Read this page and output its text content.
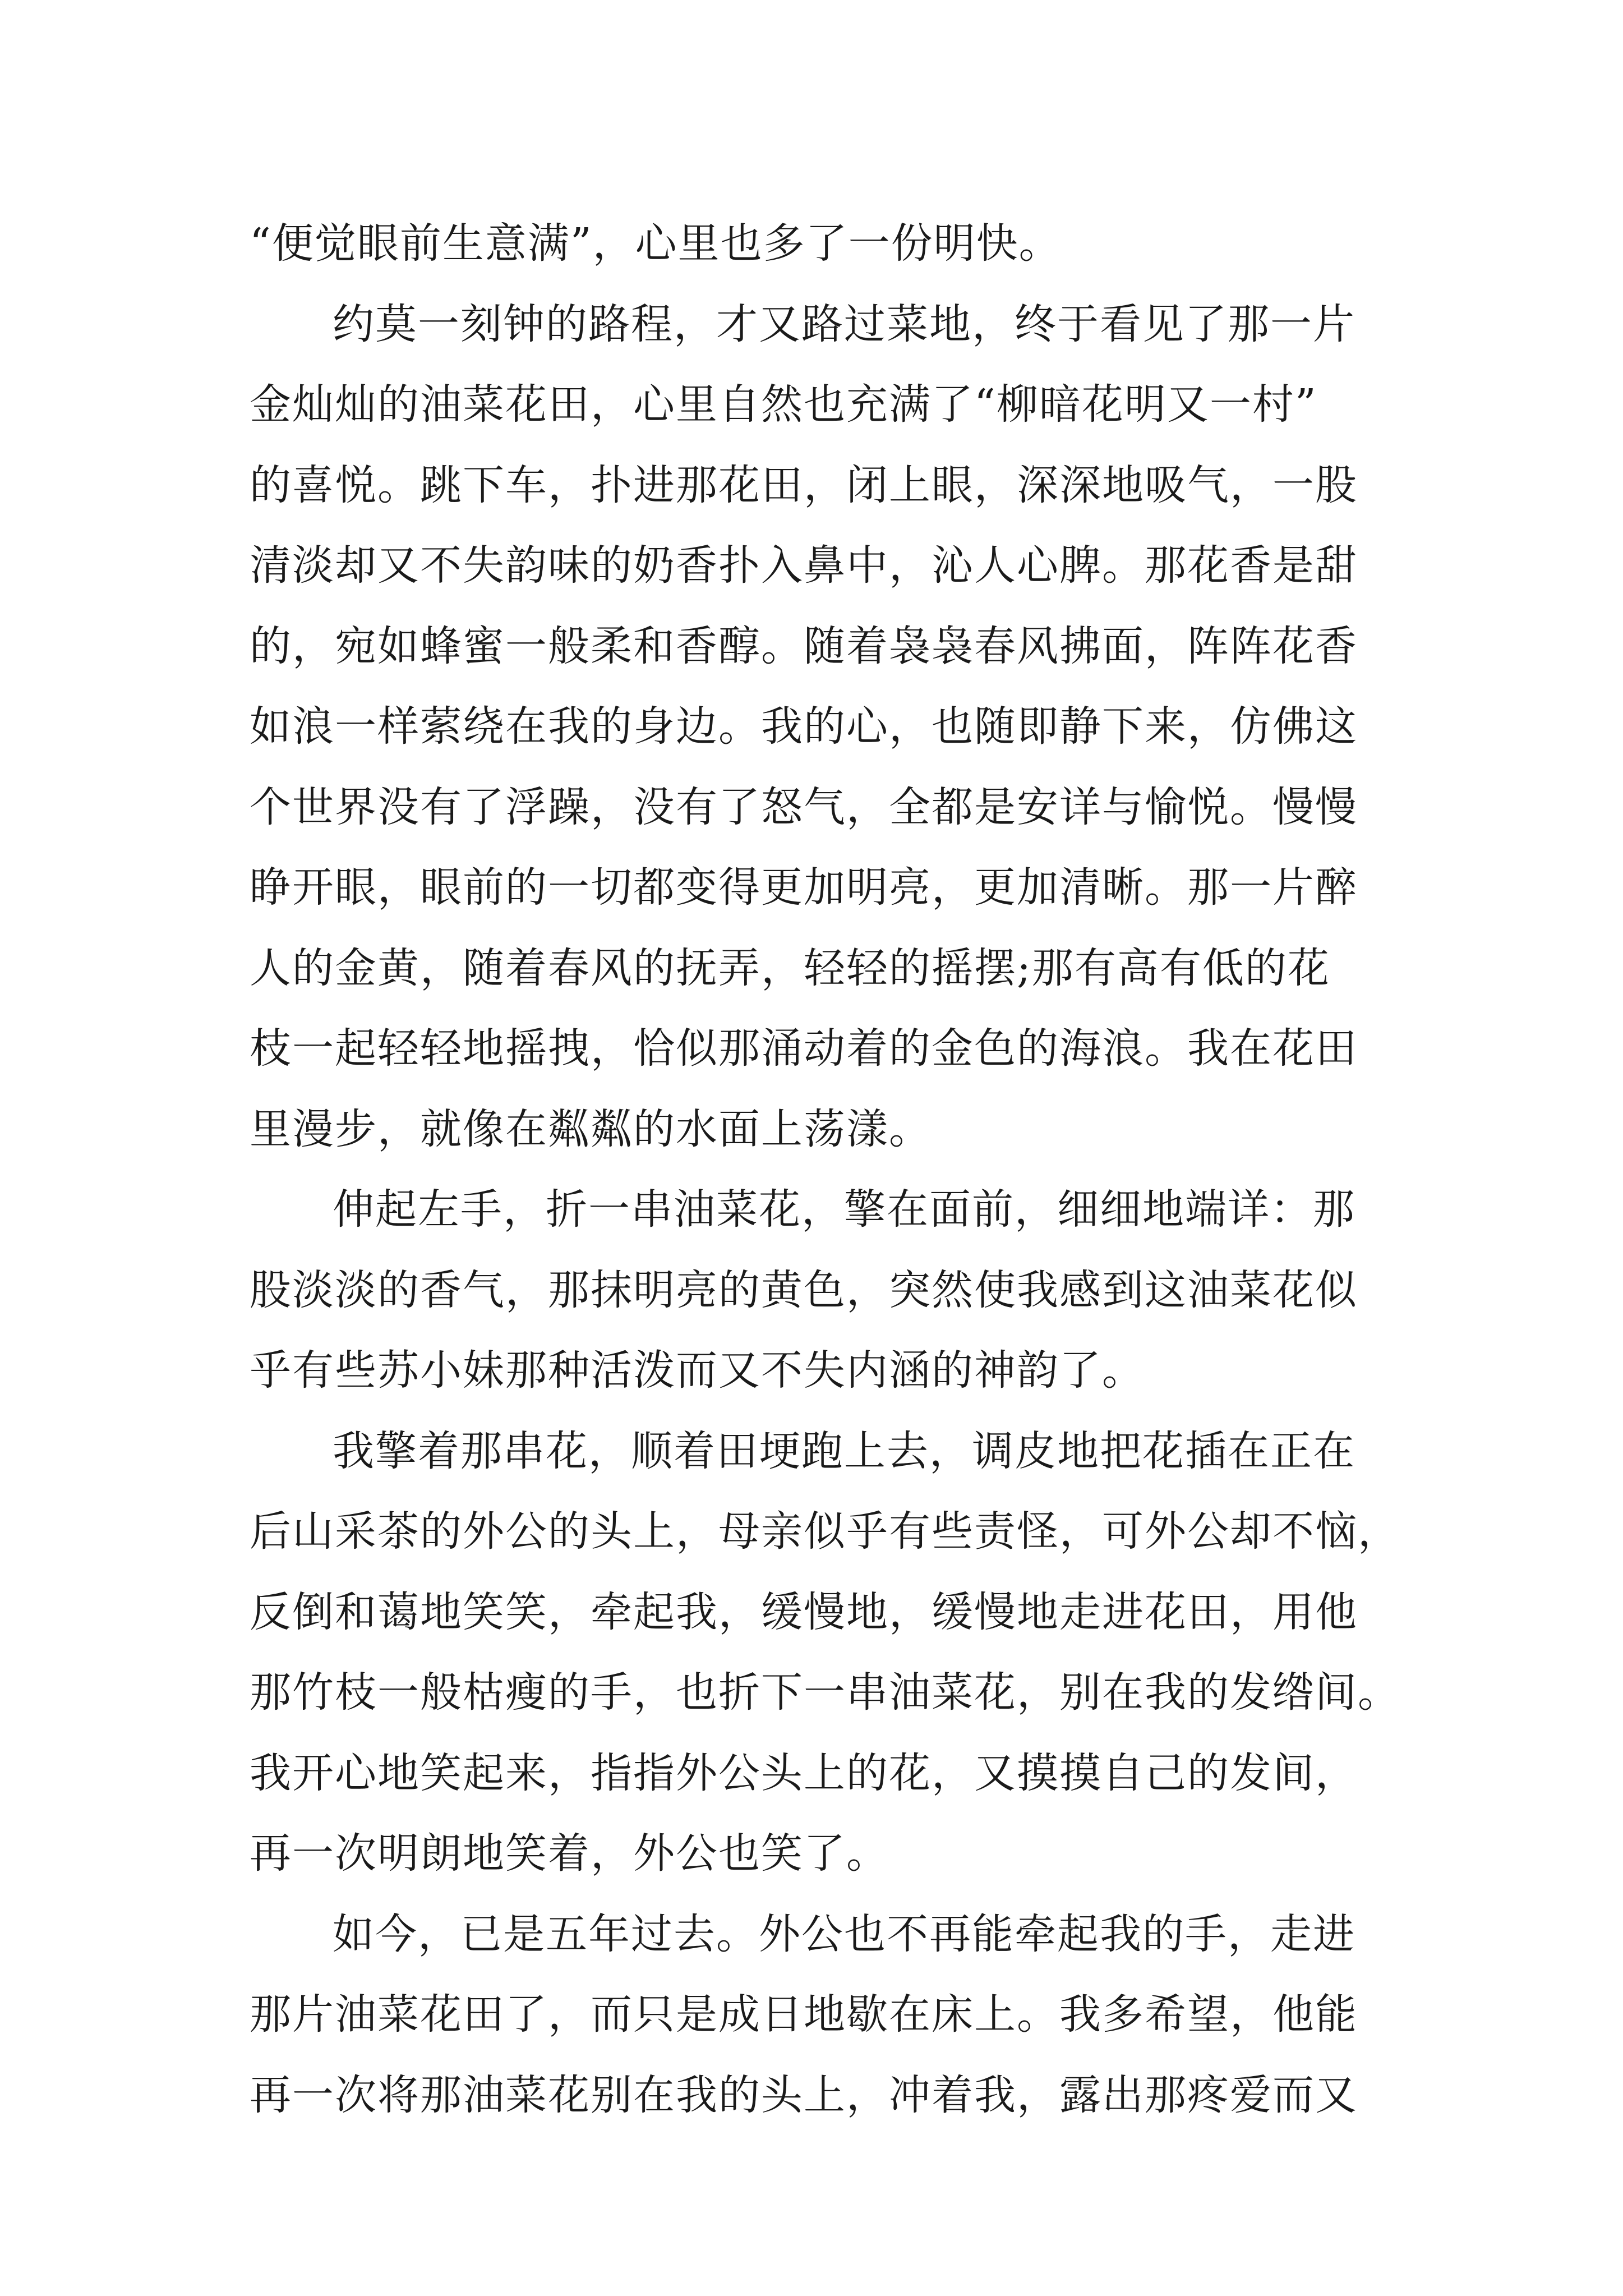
“便觉眼前生意满”，心里也多了一份明快。
约莫一刻钟的路程，才又路过菜地，终于看见了那一片
金灿灿的油菜花田，心里自然也充满了“柳暗花明又一村”
的喜悦。跳下车，扑进那花田，闭上眼，深深地吸气，一股
清淡却又不失韵味的奶香扑入鼻中，沁人心脾。那花香是甜
的，宛如蜂蜜一般柔和香醇。随着袅袅春风拂面，阵阵花香
如浪一样萦绕在我的身边。我的心，也随即静下来，仿佛这
个世界没有了浮躁，没有了怒气，全都是安详与愉悦。慢慢
睁开眼，眼前的一切都变得更加明亮，更加清晰。那一片醉
人的金黄，随着春风的抚弄，轻轻的摇摆;那有高有低的花
枝一起轻轻地摇拽，恰似那涌动着的金色的海浪。我在花田
里漫步，就像在粼粼的水面上荡漾。
伸起左手，折一串油菜花，擎在面前，细细地端详：那
股淡淡的香气，那抹明亮的黄色，突然使我感到这油菜花似
乎有些苏小妹那种活泼而又不失内涵的神韵了。
我擎着那串花，顺着田埂跑上去，调皮地把花插在正在
后山采茶的外公的头上，母亲似乎有些责怪，可外公却不恼，
反倒和蔼地笑笑，牵起我，缓慢地，缓慢地走进花田，用他
那竹枝一般枯瘦的手，也折下一串油菜花，别在我的发绺间。
我开心地笑起来，指指外公头上的花，又摸摸自己的发间，
再一次明朗地笑着，外公也笑了。
如今，已是五年过去。外公也不再能牵起我的手，走进
那片油菜花田了，而只是成日地歇在床上。我多希望，他能
再一次将那油菜花别在我的头上，冲着我，露出那疼爱而又
